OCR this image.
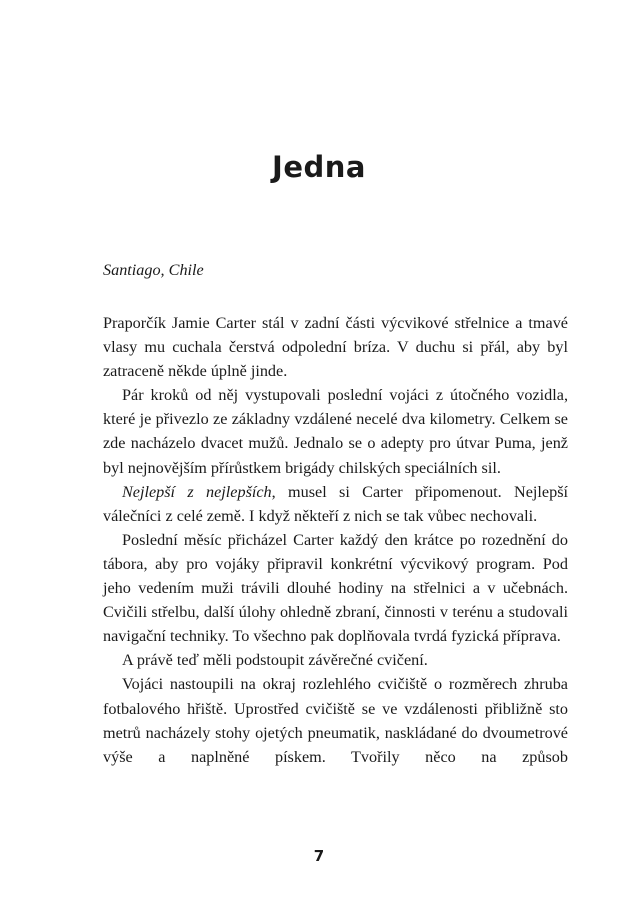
Jedna

Santiago, Chile

Praporčík Jamie Carter stál v zadní části výcvikové střelnice a tmavé vlasy mu cuchala čerstvá odpolední bríza. V duchu si přál, aby byl zatraceně někde úplně jinde.

Pár kroků od něj vystupovali poslední vojáci z útočného vozidla, které je přivezlo ze základny vzdálené necelé dva kilometry. Celkem se zde nacházelo dvacet mužů. Jednalo se o adepty pro útvar Puma, jenž byl nejnovějším přírůstkem brigády chilských speciálních sil.

Nejlepší z nejlepších, musel si Carter připomenout. Nejlepší válečníci z celé země. I když někteří z nich se tak vůbec nechovali.

Poslední měsíc přicházel Carter každý den krátce po rozednění do tábora, aby pro vojáky připravil konkrétní výcvikový program. Pod jeho vedením muži trávili dlouhé hodiny na střelnici a v učebnách. Cvičili střelbu, další úlohy ohledně zbraní, činnosti v terénu a studovali navigační techniky. To všechno pak doplňovala tvrdá fyzická příprava.

A právě teď měli podstoupit závěrečné cvičení.

Vojáci nastoupili na okraj rozlehlého cvičiště o rozměrech zhruba fotbalového hřiště. Uprostřed cvičiště se ve vzdálenosti přibližně sto metrů nacházely stohy ojetých pneumatik, naskládané do dvoumetrové výše a naplněné pískem. Tvořily něco na způsob

7
